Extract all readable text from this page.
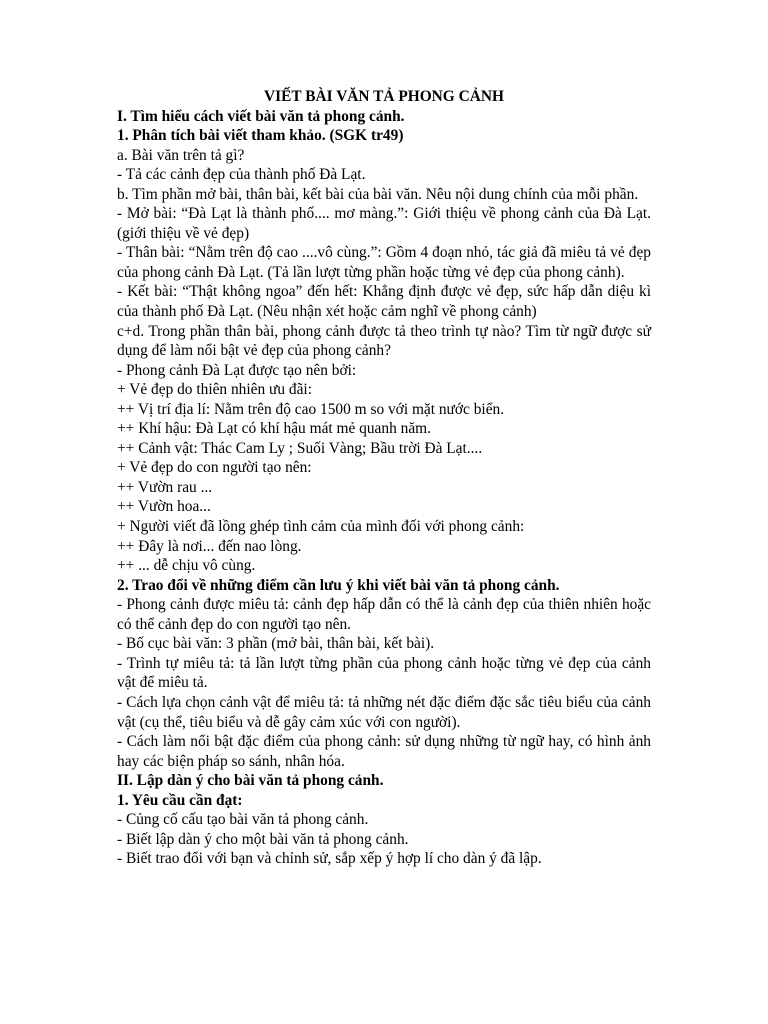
VIẾT BÀI VĂN TẢ PHONG CẢNH

I. Tìm hiểu cách viết bài văn tả phong cảnh.

1. Phân tích bài viết tham khảo. (SGK tr49)

a. Bài văn trên tả gì?

- Tả các cảnh đẹp của thành phố Đà Lạt.

b. Tìm phần mở bài, thân bài, kết bài của bài văn. Nêu nội dung chính của mỗi phần.

- Mở bài: “Đà Lạt là thành phố.... mơ màng.”: Giới thiệu về phong cảnh của Đà Lạt. (giới thiệu về vẻ đẹp)

- Thân bài: “Nằm trên độ cao ....vô cùng.”: Gồm 4 đoạn nhỏ, tác giả đã miêu tả vẻ đẹp của phong cảnh Đà Lạt. (Tả lần lượt từng phần hoặc từng vẻ đẹp của phong cảnh).

- Kết bài: “Thật không ngoa” đến hết: Khẳng định được vẻ đẹp, sức hấp dẫn diệu kì của thành phố Đà Lạt. (Nêu nhận xét hoặc cảm nghĩ về phong cảnh)

c+d. Trong phần thân bài, phong cảnh được tả theo trình tự nào? Tìm từ ngữ được sử dụng để làm nổi bật vẻ đẹp của phong cảnh?

- Phong cảnh Đà Lạt được tạo nên bởi:

+ Vẻ đẹp do thiên nhiên ưu đãi:

++ Vị trí địa lí: Nằm trên độ cao 1500 m so với mặt nước biển.

++ Khí hậu: Đà Lạt có khí hậu mát mẻ quanh năm.

++ Cảnh vật: Thác Cam Ly ; Suối Vàng; Bầu trời Đà Lạt....

+ Vẻ đẹp do con người tạo nên:

++ Vườn rau ...

++ Vườn hoa...

+ Người viết đã lồng ghép tình cảm của mình đối với phong cảnh:

++ Đây là nơi... đến nao lòng.

++ ... dễ chịu vô cùng.

2. Trao đổi về những điểm cần lưu ý khi viết bài văn tả phong cảnh.

- Phong cảnh được miêu tả: cảnh đẹp hấp dẫn có thể là cảnh đẹp của thiên nhiên hoặc có thể cảnh đẹp do con người tạo nên.

- Bố cục bài văn: 3 phần (mở bài, thân bài, kết bài).

- Trình tự miêu tả: tả lần lượt từng phần của phong cảnh hoặc từng vẻ đẹp của cảnh vật để miêu tả.

- Cách lựa chọn cảnh vật để miêu tả: tả những nét đặc điểm đặc sắc tiêu biểu của cảnh vật (cụ thể, tiêu biểu và dễ gây cảm xúc với con người).

- Cách làm nổi bật đặc điểm của phong cảnh: sử dụng những từ ngữ hay, có hình ảnh hay các biện pháp so sánh, nhân hóa.

II. Lập dàn ý cho bài văn tả phong cảnh.

1. Yêu cầu cần đạt:

- Củng cố cấu tạo bài văn tả phong cảnh.

- Biết lập dàn ý cho một bài văn tả phong cảnh.

- Biết trao đổi với bạn và chỉnh sử, sắp xếp ý hợp lí cho dàn ý đã lập.
